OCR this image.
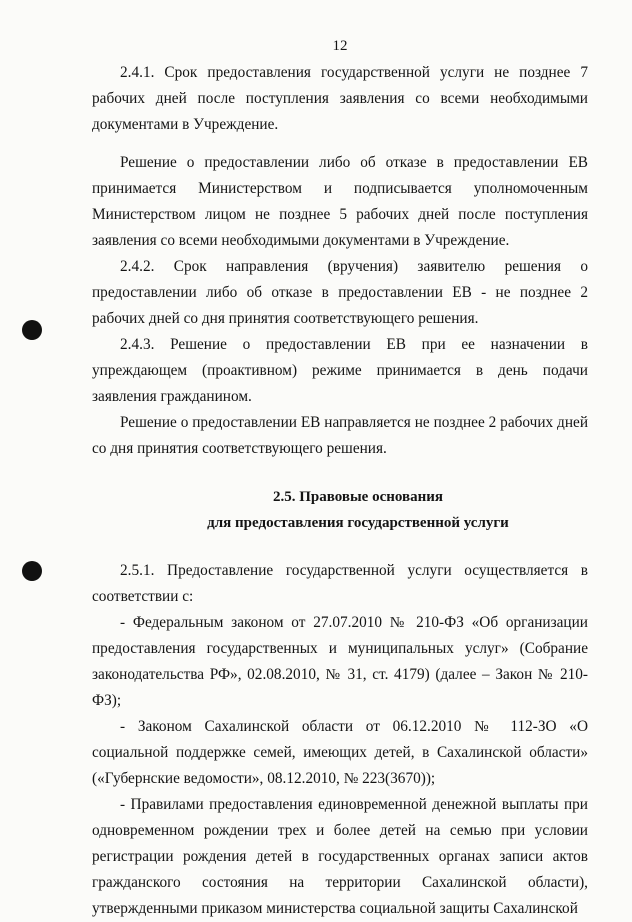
12

2.4.1. Срок предоставления государственной услуги не позднее 7 рабочих дней после поступления заявления со всеми необходимыми документами в Учреждение.

Решение о предоставлении либо об отказе в предоставлении ЕВ принимается Министерством и подписывается уполномоченным Министерством лицом не позднее 5 рабочих дней после поступления заявления со всеми необходимыми документами в Учреждение.

2.4.2. Срок направления (вручения) заявителю решения о предоставлении либо об отказе в предоставлении ЕВ - не позднее 2 рабочих дней со дня принятия соответствующего решения.

2.4.3. Решение о предоставлении ЕВ при ее назначении в упреждающем (проактивном) режиме принимается в день подачи заявления гражданином.

Решение о предоставлении ЕВ направляется не позднее 2 рабочих дней со дня принятия соответствующего решения.

2.5. Правовые основания

для предоставления государственной услуги

2.5.1. Предоставление государственной услуги осуществляется в соответствии с:

- Федеральным законом от 27.07.2010 № 210-ФЗ «Об организации предоставления государственных и муниципальных услуг» (Собрание законодательства РФ», 02.08.2010, № 31, ст. 4179) (далее – Закон № 210-ФЗ);

- Законом Сахалинской области от 06.12.2010 № 112-ЗО «О социальной поддержке семей, имеющих детей, в Сахалинской области» («Губернские ведомости», 08.12.2010, № 223(3670));

- Правилами предоставления единовременной денежной выплаты при одновременном рождении трех и более детей на семью при условии регистрации рождения детей в государственных органах записи актов гражданского состояния на территории Сахалинской области), утвержденными приказом министерства социальной защиты Сахалинской
